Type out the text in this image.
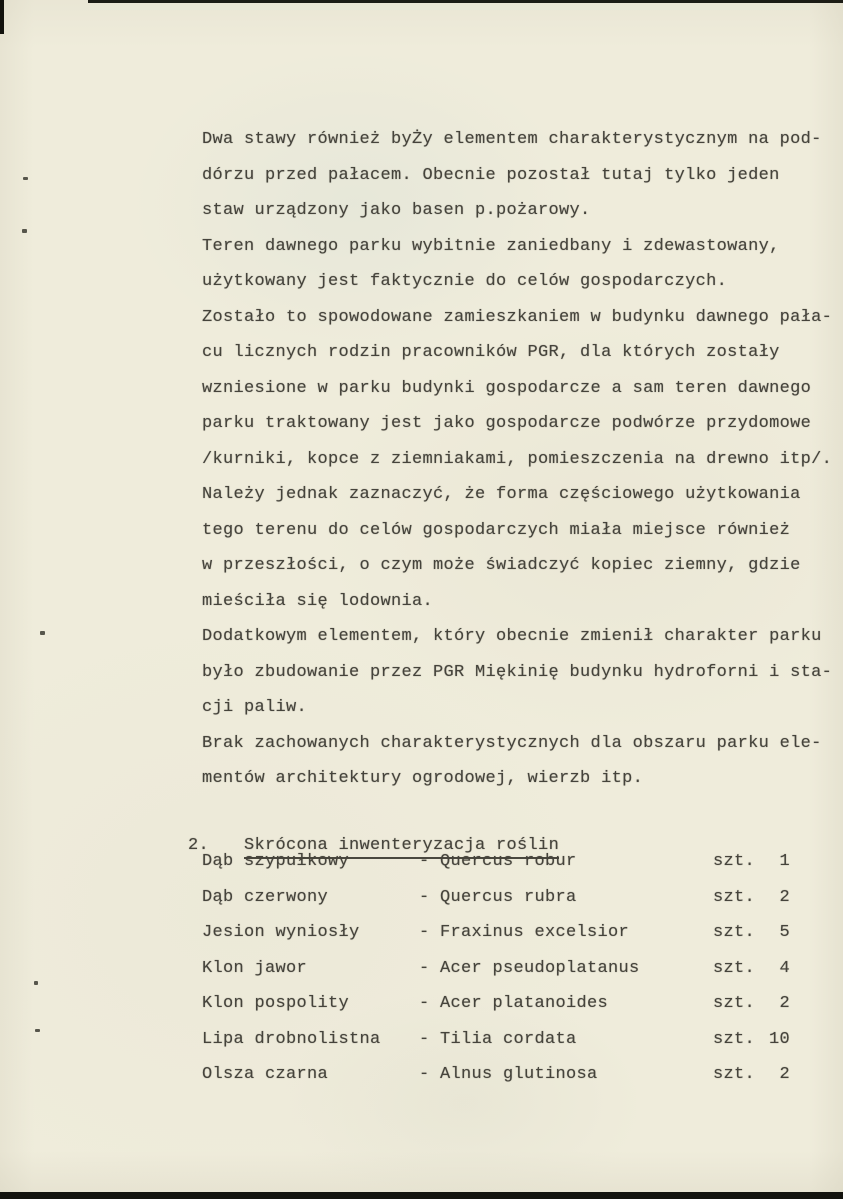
Dwa stawy również byŻy elementem charakterystycznym na pod-
dórzu przed pałacem. Obecnie pozostał tutaj tylko jeden
staw urządzony jako basen p.pożarowy.
Teren dawnego parku wybitnie zaniedbany i zdewastowany,
użytkowany jest faktycznie do celów gospodarczych.
Zostało to spowodowane zamieszkaniem w budynku dawnego pała-
cu licznych rodzin pracowników PGR, dla których zostały
wzniesione w parku budynki gospodarcze a sam teren dawnego
parku traktowany jest jako gospodarcze podwórze przydomowe
/kurniki, kopce z ziemniakami, pomieszczenia na drewno itp/.
Należy jednak zaznaczyć, że forma częściowego użytkowania
tego terenu do celów gospodarczych miała miejsce również
w przeszłości, o czym może świadczyć kopiec ziemny, gdzie
mieściła się lodownia.
Dodatkowym elementem, który obecnie zmienił charakter parku
było zbudowanie przez PGR Miękinię budynku hydroforni i sta-
cji paliw.
Brak zachowanych charakterystycznych dla obszaru parku ele-
mentów architektury ogrodowej, wierzb itp.

2. Skrócona inwenteryzacja roślin

Dąb szypułkowy	- Quercus robur	szt.	1
Dąb czerwony	- Quercus rubra	szt.	2
Jesion wyniosły	- Fraxinus excelsior	szt.	5
Klon jawor	- Acer pseudoplatanus	szt.	4
Klon pospolity	- Acer platanoides	szt.	2
Lipa drobnolistna	- Tilia cordata	szt. 10
Olsza czarna	- Alnus glutinosa	szt.	2
